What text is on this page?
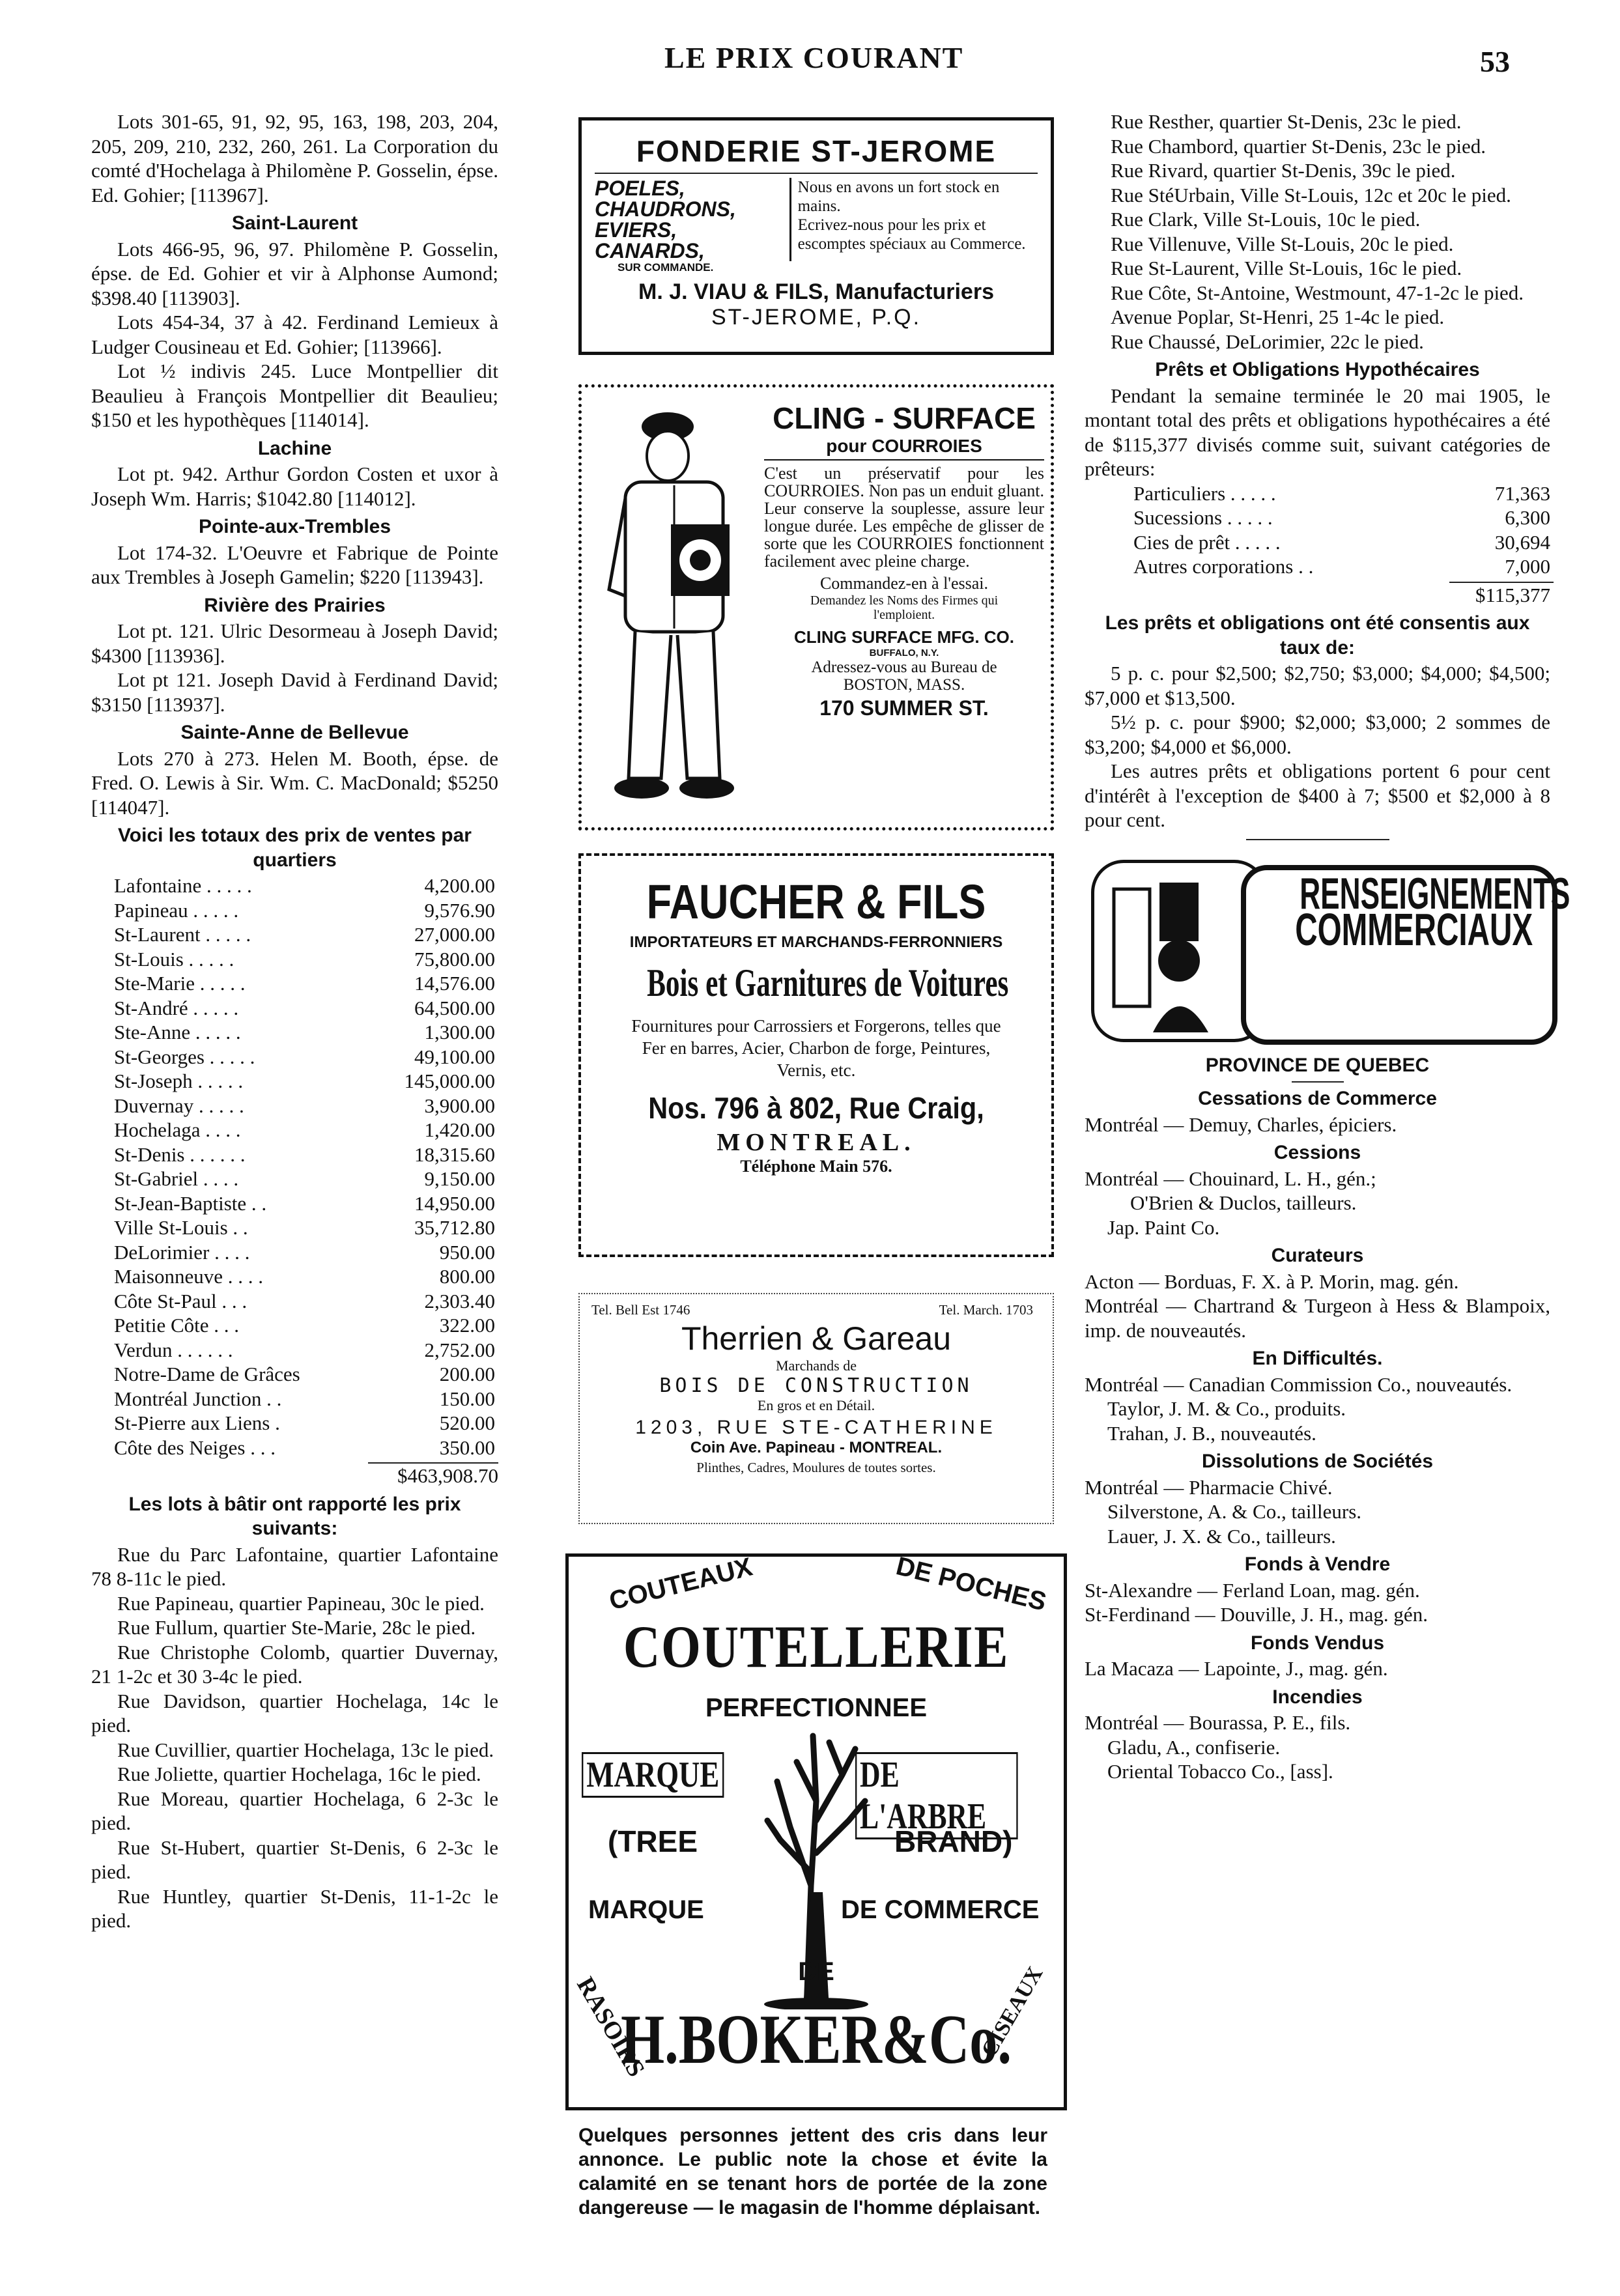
LE PRIX COURANT	53

Lots 301-65, 91, 92, 95, 163, 198, 203, 204, 205, 209, 210, 232, 260, 261. La Corporation du comté d'Hochelaga à Philomène P. Gosselin, épse. Ed. Gohier; [113967].

Saint-Laurent

Lots 466-95, 96, 97. Philomène P. Gosselin, épse. de Ed. Gohier et vir à Alphonse Aumond; $398.40 [113903].

Lots 454-34, 37 à 42. Ferdinand Lemieux à Ludger Cousineau et Ed. Gohier; [113966].

Lot ½ indivis 245. Luce Montpellier dit Beaulieu à François Montpellier dit Beaulieu; $150 et les hypothèques [114014].

Lachine

Lot pt. 942. Arthur Gordon Costen et uxor à Joseph Wm. Harris; $1042.80 [114012].

Pointe-aux-Trembles

Lot 174-32. L'Oeuvre et Fabrique de Pointe aux Trembles à Joseph Gamelin; $220 [113943].

Rivière des Prairies

Lot pt. 121. Ulric Desormeau à Joseph David; $4300 [113936].

Lot pt 121. Joseph David à Ferdinand David; $3150 [113937].

Sainte-Anne de Bellevue

Lots 270 à 273. Helen M. Booth, épse. de Fred. O. Lewis à Sir. Wm. C. MacDonald; $5250 [114047].

Voici les totaux des prix de ventes par quartiers
Lafontaine . . . . .	4,200.00
Papineau . . . . .	9,576.90
St-Laurent . . . . .	27,000.00
St-Louis . . . . .	75,800.00
Ste-Marie . . . . .	14,576.00
St-André . . . . .	64,500.00
Ste-Anne . . . . .	1,300.00
St-Georges . . . . .	49,100.00
St-Joseph . . . . .	145,000.00
Duvernay . . . . .	3,900.00
Hochelaga . . . .	1,420.00
St-Denis . . . . . .	18,315.60
St-Gabriel . . . .	9,150.00
St-Jean-Baptiste . .	14,950.00
Ville St-Louis . .	35,712.80
DeLorimier . . . .	950.00
Maisonneuve . . . .	800.00
Côte St-Paul . . .	2,303.40
Petitie Côte . . .	322.00
Verdun . . . . . .	2,752.00
Notre-Dame de Grâces	200.00
Montréal Junction . .	150.00
St-Pierre aux Liens .	520.00
Côte des Neiges . . .	350.00
$463,908.70
Les lots à bâtir ont rapporté les prix suivants:

Rue du Parc Lafontaine, quartier Lafontaine 78 8-11c le pied.

Rue Papineau, quartier Papineau, 30c le pied.

Rue Fullum, quartier Ste-Marie, 28c le pied.

Rue Christophe Colomb, quartier Duvernay, 21 1-2c et 30 3-4c le pied.

Rue Davidson, quartier Hochelaga, 14c le pied.

Rue Cuvillier, quartier Hochelaga, 13c le pied.

Rue Joliette, quartier Hochelaga, 16c le pied.

Rue Moreau, quartier Hochelaga, 6 2-3c le pied.

Rue St-Hubert, quartier St-Denis, 6 2-3c le pied.

Rue Huntley, quartier St-Denis, 11-1-2c le pied.

FONDERIE ST-JEROME
POELES, CHAUDRONS, EVIERS, CANARDS,
Nous en avons un fort stock en mains.
Ecrivez-nous pour les prix et escomptes spéciaux au Commerce.
SUR COMMANDE.
M. J. VIAU & FILS, Manufacturiers
ST-JEROME, P.Q.
CLING - SURFACE
pour COURROIES
C'est un préservatif pour les COURROIES. Non pas un enduit gluant. Leur conserve la souplesse, assure leur longue durée. Les empêche de glisser de sorte que les COURROIES fonctionnent facilement avec pleine charge.
Commandez-en à l'essai.
Demandez les Noms des Firmes qui l'emploient.
CLING SURFACE MFG. CO.
BUFFALO, N.Y.
Adressez-vous au Bureau de BOSTON, MASS.
170 SUMMER ST.
FAUCHER & FILS
IMPORTATEURS ET MARCHANDS-FERRONNIERS
Bois et Garnitures de Voitures
Fournitures pour Carrossiers et Forgerons, telles que Fer en barres, Acier, Charbon de forge, Peintures, Vernis, etc.
Nos. 796 à 802, Rue Craig,
MONTREAL.
Téléphone Main 576.
Tel. Bell Est 1746	Tel. March. 1703
Therrien & Gareau
Marchands de
BOIS DE CONSTRUCTION
En gros et en Détail.
1203, RUE STE-CATHERINE
Coin Ave. Papineau - MONTREAL.
Plinthes, Cadres, Moulures de toutes sortes.
COUTEAUX	DE POCHES
COUTELLERIE
PERFECTIONNEE
MARQUE	DE L'ARBRE
(TREE	BRAND)
MARQUE	DE COMMERCE
DE
RASOIRS
H.BOKER&Co.
CISEAUX
Quelques personnes jettent des cris dans leur annonce. Le public note la chose et évite la calamité en se tenant hors de portée de la zone dangereuse — le magasin de l'homme déplaisant.

Rue Resther, quartier St-Denis, 23c le pied.

Rue Chambord, quartier St-Denis, 23c le pied.

Rue Rivard, quartier St-Denis, 39c le pied.

Rue StéUrbain, Ville St-Louis, 12c et 20c le pied.

Rue Clark, Ville St-Louis, 10c le pied.

Rue Villenuve, Ville St-Louis, 20c le pied.

Rue St-Laurent, Ville St-Louis, 16c le pied.

Rue Côte, St-Antoine, Westmount, 47-1-2c le pied.

Avenue Poplar, St-Henri, 25 1-4c le pied.

Rue Chaussé, DeLorimier, 22c le pied.

Prêts et Obligations Hypothécaires

Pendant la semaine terminée le 20 mai 1905, le montant total des prêts et obligations hypothécaires a été de $115,377 divisés comme suit, suivant catégories de prêteurs:

Particuliers . . . . .	71,363
Sucessions . . . . .	6,300
Cies de prêt . . . . .	30,694
Autres corporations . .	7,000
$115,377
Les prêts et obligations ont été consentis aux taux de:

5 p. c. pour $2,500; $2,750; $3,000; $4,000; $4,500; $7,000 et $13,500.

5½ p. c. pour $900; $2,000; $3,000; 2 sommes de $3,200; $4,000 et $6,000.

Les autres prêts et obligations portent 6 pour cent d'intérêt à l'exception de $400 à 7; $500 et $2,000 à 8 pour cent.

RENSEIGNEMENTS
COMMERCIAUX
PROVINCE DE QUEBEC
Cessations de Commerce

Montréal — Demuy, Charles, épiciers.

Cessions

Montréal — Chouinard, L. H., gén.;

O'Brien & Duclos, tailleurs.

Jap. Paint Co.

Curateurs

Acton — Borduas, F. X. à P. Morin, mag. gén.

Montréal — Chartrand & Turgeon à Hess & Blampoix, imp. de nouveautés.

En Difficultés.

Montréal — Canadian Commission Co., nouveautés.

Taylor, J. M. & Co., produits.

Trahan, J. B., nouveautés.

Dissolutions de Sociétés

Montréal — Pharmacie Chivé.

Silverstone, A. & Co., tailleurs.

Lauer, J. X. & Co., tailleurs.

Fonds à Vendre

St-Alexandre — Ferland Loan, mag. gén.

St-Ferdinand — Douville, J. H., mag. gén.

Fonds Vendus

La Macaza — Lapointe, J., mag. gén.

Incendies

Montréal — Bourassa, P. E., fils.

Gladu, A., confiserie.

Oriental Tobacco Co., [ass].
